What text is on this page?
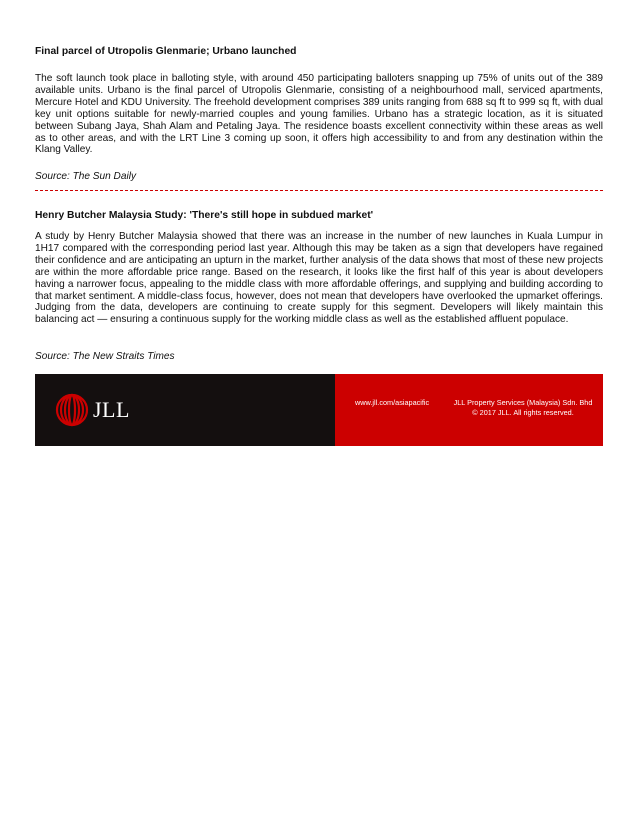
Final parcel of Utropolis Glenmarie; Urbano launched

The soft launch took place in balloting style, with around 450 participating balloters snapping up 75% of units out of the 389 available units. Urbano is the final parcel of Utropolis Glenmarie, consisting of a neighbourhood mall, serviced apartments, Mercure Hotel and KDU University. The freehold development comprises 389 units ranging from 688 sq ft to 999 sq ft, with dual key unit options suitable for newly-married couples and young families. Urbano has a strategic location, as it is situated between Subang Jaya, Shah Alam and Petaling Jaya. The residence boasts excellent connectivity within these areas as well as to other areas, and with the LRT Line 3 coming up soon, it offers high accessibility to and from any destination within the Klang Valley.

Source: The Sun Daily

Henry Butcher Malaysia Study: 'There's still hope in subdued market'

A study by Henry Butcher Malaysia showed that there was an increase in the number of new launches in Kuala Lumpur in 1H17 compared with the corresponding period last year. Although this may be taken as a sign that developers have regained their confidence and are anticipating an upturn in the market, further analysis of the data shows that most of these new projects are within the more affordable price range. Based on the research, it looks like the first half of this year is about developers having a narrower focus, appealing to the middle class with more affordable offerings, and supplying and building according to that market sentiment. A middle-class focus, however, does not mean that developers have overlooked the upmarket offerings. Judging from the data, developers are continuing to create supply for this segment. Developers will likely maintain this balancing act — ensuring a continuous supply for the working middle class as well as the established affluent populace.

Source: The New Straits Times

JLL	www.jll.com/asiapacific	JLL Property Services (Malaysia) Sdn. Bhd
© 2017 JLL. All rights reserved.
